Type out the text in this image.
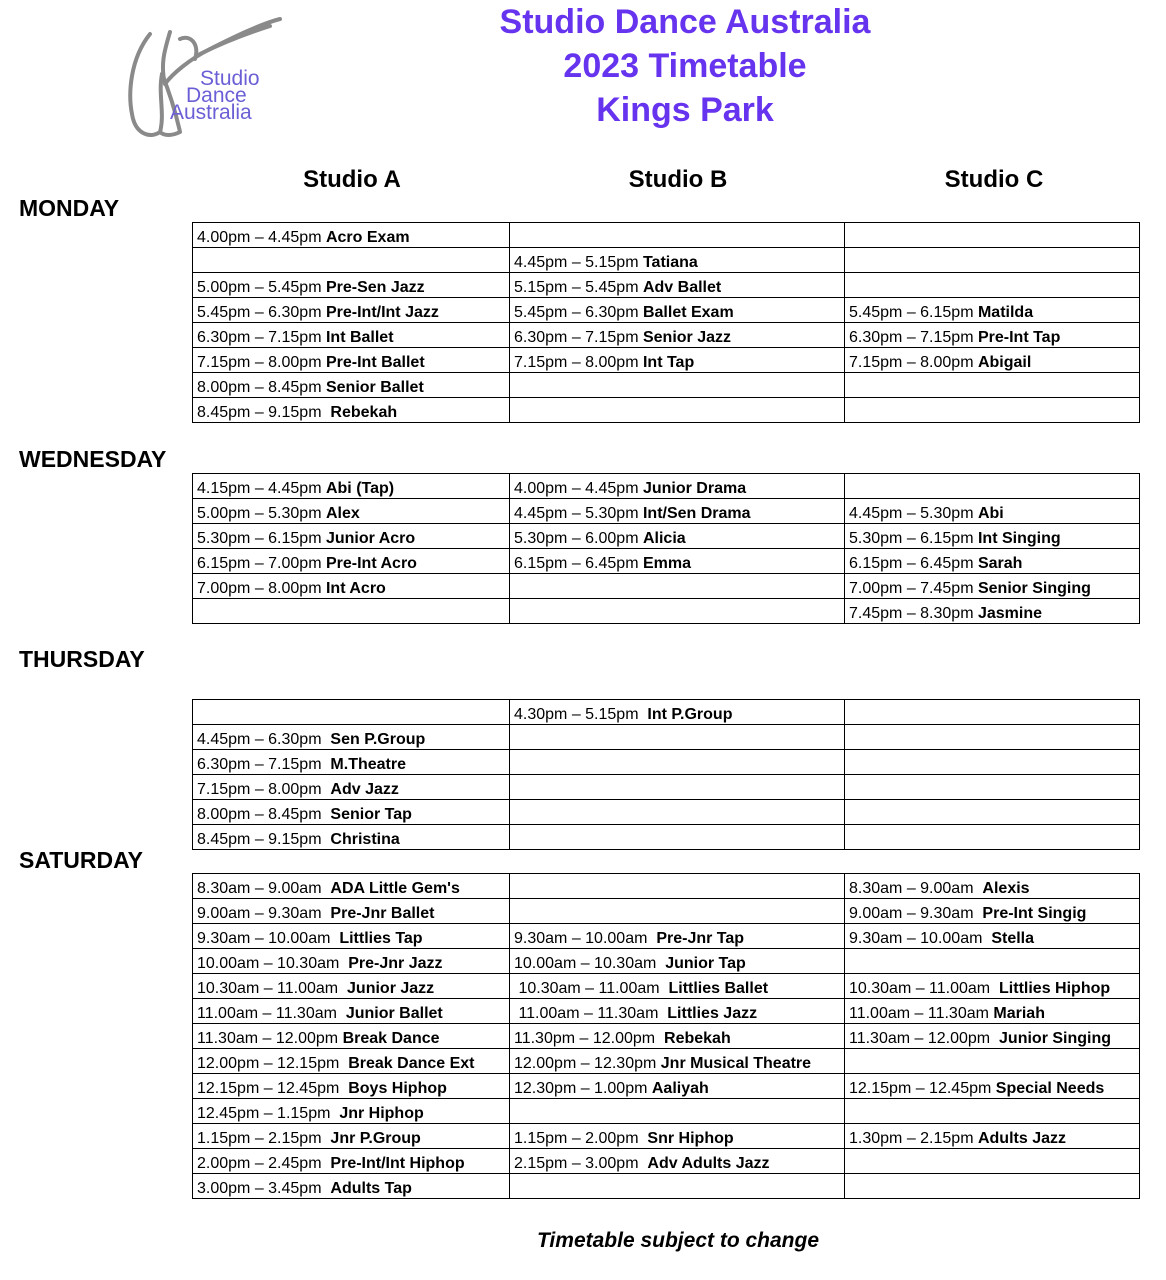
Studio
Dance
Australia
Studio Dance Australia
2023 Timetable
Kings Park
Studio A	Studio B	Studio C
MONDAY
WEDNESDAY
THURSDAY
SATURDAY
4.00pm – 4.45pm Acro Exam		
	4.45pm – 5.15pm Tatiana	
5.00pm – 5.45pm Pre-Sen Jazz	5.15pm – 5.45pm Adv Ballet	
5.45pm – 6.30pm Pre-Int/Int Jazz	5.45pm – 6.30pm Ballet Exam	5.45pm – 6.15pm Matilda
6.30pm – 7.15pm Int Ballet	6.30pm – 7.15pm Senior Jazz	6.30pm – 7.15pm Pre-Int Tap
7.15pm – 8.00pm Pre-Int Ballet	7.15pm – 8.00pm Int Tap	7.15pm – 8.00pm Abigail
8.00pm – 8.45pm Senior Ballet		
8.45pm – 9.15pm  Rebekah		
4.15pm – 4.45pm Abi (Tap)	4.00pm – 4.45pm Junior Drama	
5.00pm – 5.30pm Alex	4.45pm – 5.30pm Int/Sen Drama	4.45pm – 5.30pm Abi
5.30pm – 6.15pm Junior Acro	5.30pm – 6.00pm Alicia	5.30pm – 6.15pm Int Singing
6.15pm – 7.00pm Pre-Int Acro	6.15pm – 6.45pm Emma	6.15pm – 6.45pm Sarah
7.00pm – 8.00pm Int Acro		7.00pm – 7.45pm Senior Singing
		7.45pm – 8.30pm Jasmine
	4.30pm – 5.15pm  Int P.Group	
4.45pm – 6.30pm  Sen P.Group		
6.30pm – 7.15pm  M.Theatre		
7.15pm – 8.00pm  Adv Jazz		
8.00pm – 8.45pm  Senior Tap		
8.45pm – 9.15pm  Christina		
8.30am – 9.00am  ADA Little Gem's		8.30am – 9.00am  Alexis
9.00am – 9.30am  Pre-Jnr Ballet		9.00am – 9.30am  Pre-Int Singig
9.30am – 10.00am  Littlies Tap	9.30am – 10.00am  Pre-Jnr Tap	9.30am – 10.00am  Stella
10.00am – 10.30am  Pre-Jnr Jazz	10.00am – 10.30am  Junior Tap	
10.30am – 11.00am  Junior Jazz	10.30am – 11.00am  Littlies Ballet	10.30am – 11.00am  Littlies Hiphop
11.00am – 11.30am  Junior Ballet	11.00am – 11.30am  Littlies Jazz	11.00am – 11.30am Mariah
11.30am – 12.00pm Break Dance	11.30pm – 12.00pm  Rebekah	11.30am – 12.00pm  Junior Singing
12.00pm – 12.15pm  Break Dance Ext	12.00pm – 12.30pm Jnr Musical Theatre	
12.15pm – 12.45pm  Boys Hiphop	12.30pm – 1.00pm Aaliyah	12.15pm – 12.45pm Special Needs
12.45pm – 1.15pm  Jnr Hiphop		
1.15pm – 2.15pm  Jnr P.Group	1.15pm – 2.00pm  Snr Hiphop	1.30pm – 2.15pm Adults Jazz
2.00pm – 2.45pm  Pre-Int/Int Hiphop	2.15pm – 3.00pm  Adv Adults Jazz	
3.00pm – 3.45pm  Adults Tap		
Timetable subject to change
